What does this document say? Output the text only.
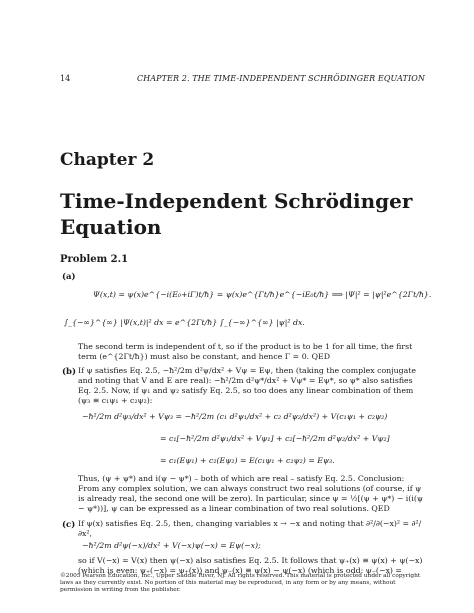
14	CHAPTER 2. THE TIME-INDEPENDENT SCHRÖDINGER EQUATION
Chapter 2
Time-Independent Schrödinger Equation
Problem 2.1
(a)
Ψ(x,t) = ψ(x)e^{−i(E₀+iΓ)t/ħ} = ψ(x)e^{Γt/ħ}e^{−iE₀t/ħ} ⟹ |Ψ|² = |ψ|²e^{2Γt/ħ}.
∫_{−∞}^{∞} |Ψ(x,t)|² dx = e^{2Γt/ħ} ∫_{−∞}^{∞} |ψ|² dx.
The second term is independent of t, so if the product is to be 1 for all time, the first term (e^{2Γt/ħ}) must also be constant, and hence Γ = 0. QED
(b) If ψ satisfies Eq. 2.5, −ħ²/2m d²ψ/dx² + Vψ = Eψ, then (taking the complex conjugate and noting that V and E are real): −ħ²/2m d²ψ*/dx² + Vψ* = Eψ*, so ψ* also satisfies Eq. 2.5. Now, if ψ₁ and ψ₂ satisfy Eq. 2.5, so too does any linear combination of them (ψ₃ ≡ c₁ψ₁ + c₂ψ₂):
−ħ²/2m d²ψ₃/dx² + Vψ₃ = −ħ²/2m (c₁ d²ψ₁/dx² + c₂ d²ψ₂/dx²) + V(c₁ψ₁ + c₂ψ₂)
= c₁[−ħ²/2m d²ψ₁/dx² + Vψ₁] + c₂[−ħ²/2m d²ψ₂/dx² + Vψ₂]
= c₁(Eψ₁) + c₂(Eψ₂) = E(c₁ψ₁ + c₂ψ₂) = Eψ₃.
Thus, (ψ + ψ*) and i(ψ − ψ*) – both of which are real – satisfy Eq. 2.5. Conclusion: From any complex solution, we can always construct two real solutions (of course, if ψ is already real, the second one will be zero). In particular, since ψ = ½[(ψ + ψ*) − i(i(ψ − ψ*))], ψ can be expressed as a linear combination of two real solutions. QED
(c) If ψ(x) satisfies Eq. 2.5, then, changing variables x → −x and noting that ∂²/∂(−x)² = ∂²/∂x²,
−ħ²/2m d²ψ(−x)/dx² + V(−x)ψ(−x) = Eψ(−x);
so if V(−x) = V(x) then ψ(−x) also satisfies Eq. 2.5. It follows that ψ₊(x) ≡ ψ(x) + ψ(−x) (which is even: ψ₊(−x) = ψ₊(x)) and ψ₋(x) ≡ ψ(x) − ψ(−x) (which is odd: ψ₋(−x) =
©2005 Pearson Education, Inc., Upper Saddle River, NJ. All rights reserved. This material is protected under all copyright laws as they currently exist. No portion of this material may be reproduced, in any form or by any means, without permission in writing from the publisher.
